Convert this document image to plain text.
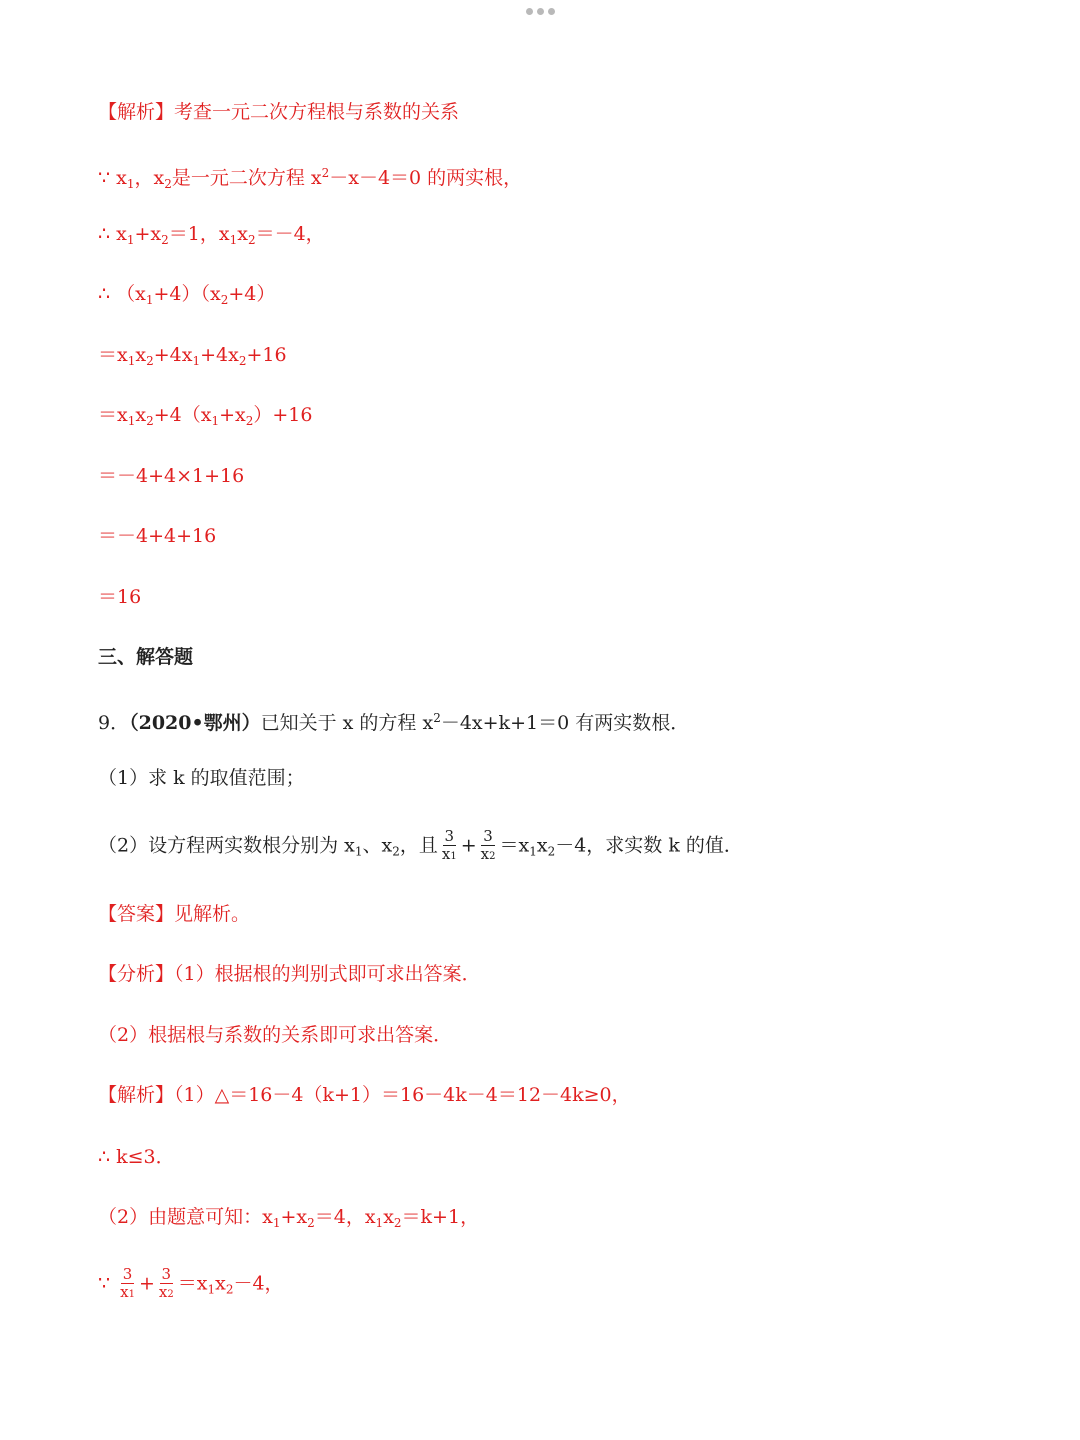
【解析】考查一元二次方程根与系数的关系
∵ $x_1$，$x_2$是一元二次方程 $x^2-x-4=0$ 的两实根，
∴ $x_1+x_2=1$，$x_1x_2=-4$，
∴ $(x_1+4)(x_2+4)$
$=x_1x_2+4x_1+4x_2+16$
$=x_1x_2+4(x_1+x_2)+16$
＝－4+4×1+16
＝－4+4+16
＝16
三、解答题
9．（2020•鄂州）已知关于 x 的方程 $x^2-4x+k+1=0$ 有两实数根．
（1）求 k 的取值范围；
（2）设方程两实数根分别为 $x_1$、$x_2$，且 $\frac{3}{x1} + \frac{3}{x2} =x_1x_2-4$，求实数 k 的值．
【答案】见解析。
【分析】（1）根据根的判别式即可求出答案．
（2）根据根与系数的关系即可求出答案．
【解析】（1）△＝16－4（k+1）＝16－4k－4＝12－4k≥0，
∴ k≤3．
（2）由题意可知：$x_1+x_2=4$，$x_1x_2=k+1$，
∵ $\frac{3}{x1} + \frac{3}{x2} =x_1x_2-4$，
